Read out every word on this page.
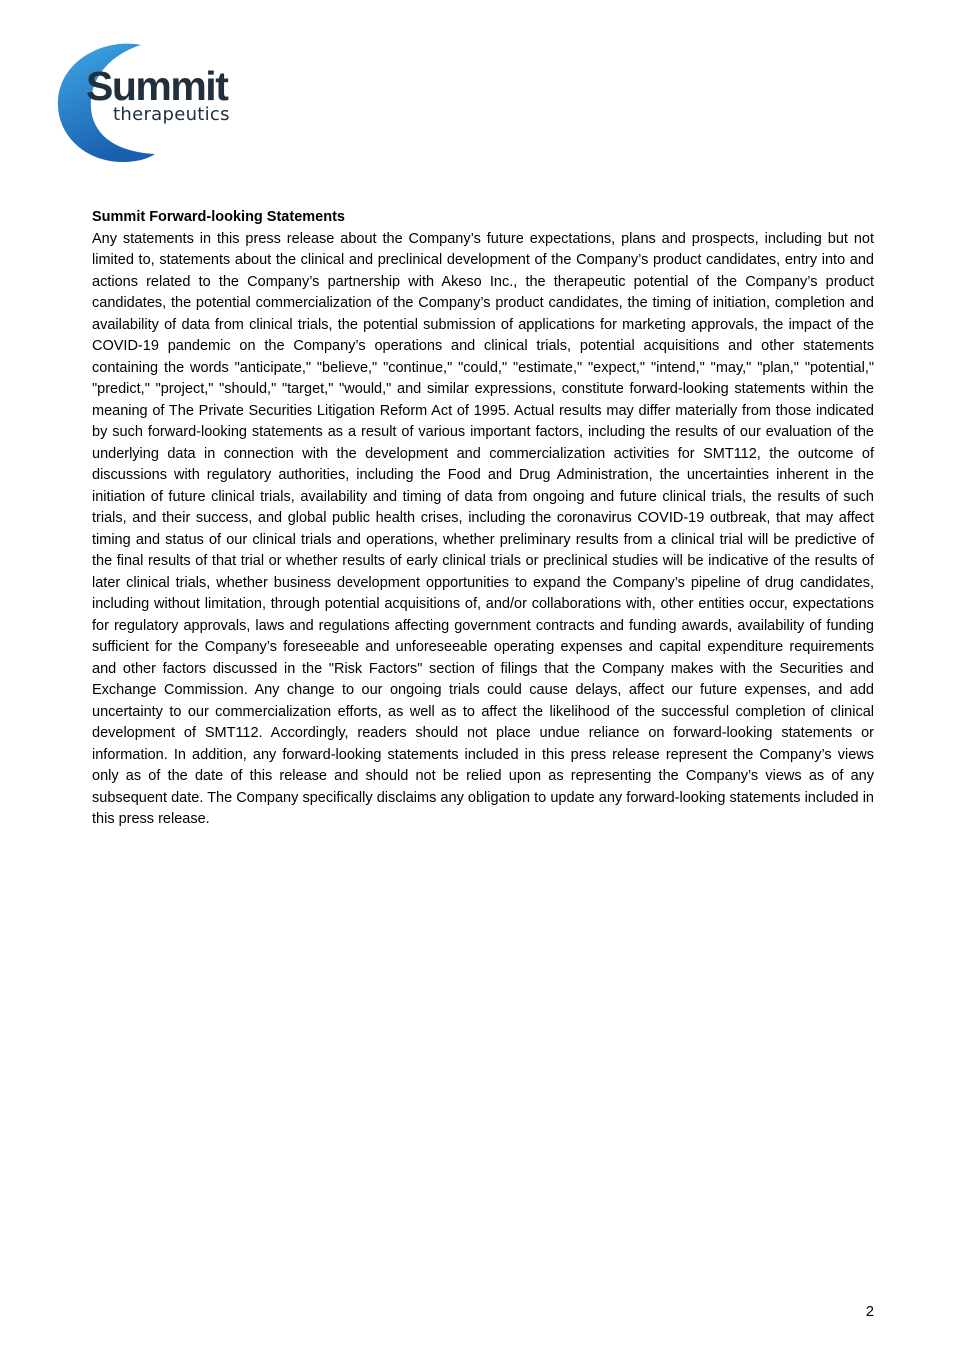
Summit
therapeutics

Summit Forward-looking Statements

Any statements in this press release about the Company’s future expectations, plans and prospects, including but not limited to, statements about the clinical and preclinical development of the Company’s product candidates, entry into and actions related to the Company’s partnership with Akeso Inc., the therapeutic potential of the Company’s product candidates, the potential commercialization of the Company’s product candidates, the timing of initiation, completion and availability of data from clinical trials, the potential submission of applications for marketing approvals, the impact of the COVID-19 pandemic on the Company’s operations and clinical trials, potential acquisitions and other statements containing the words "anticipate," "believe," "continue," "could," "estimate," "expect," "intend," "may," "plan," "potential," "predict," "project," "should," "target," "would," and similar expressions, constitute forward-looking statements within the meaning of The Private Securities Litigation Reform Act of 1995. Actual results may differ materially from those indicated by such forward-looking statements as a result of various important factors, including the results of our evaluation of the underlying data in connection with the development and commercialization activities for SMT112, the outcome of discussions with regulatory authorities, including the Food and Drug Administration, the uncertainties inherent in the initiation of future clinical trials, availability and timing of data from ongoing and future clinical trials, the results of such trials, and their success, and global public health crises, including the coronavirus COVID-19 outbreak, that may affect timing and status of our clinical trials and operations, whether preliminary results from a clinical trial will be predictive of the final results of that trial or whether results of early clinical trials or preclinical studies will be indicative of the results of later clinical trials, whether business development opportunities to expand the Company’s pipeline of drug candidates, including without limitation, through potential acquisitions of, and/or collaborations with, other entities occur, expectations for regulatory approvals, laws and regulations affecting government contracts and funding awards, availability of funding sufficient for the Company’s foreseeable and unforeseeable operating expenses and capital expenditure requirements and other factors discussed in the "Risk Factors" section of filings that the Company makes with the Securities and Exchange Commission. Any change to our ongoing trials could cause delays, affect our future expenses, and add uncertainty to our commercialization efforts, as well as to affect the likelihood of the successful completion of clinical development of SMT112. Accordingly, readers should not place undue reliance on forward-looking statements or information. In addition, any forward-looking statements included in this press release represent the Company’s views only as of the date of this release and should not be relied upon as representing the Company’s views as of any subsequent date. The Company specifically disclaims any obligation to update any forward-looking statements included in this press release.

2
